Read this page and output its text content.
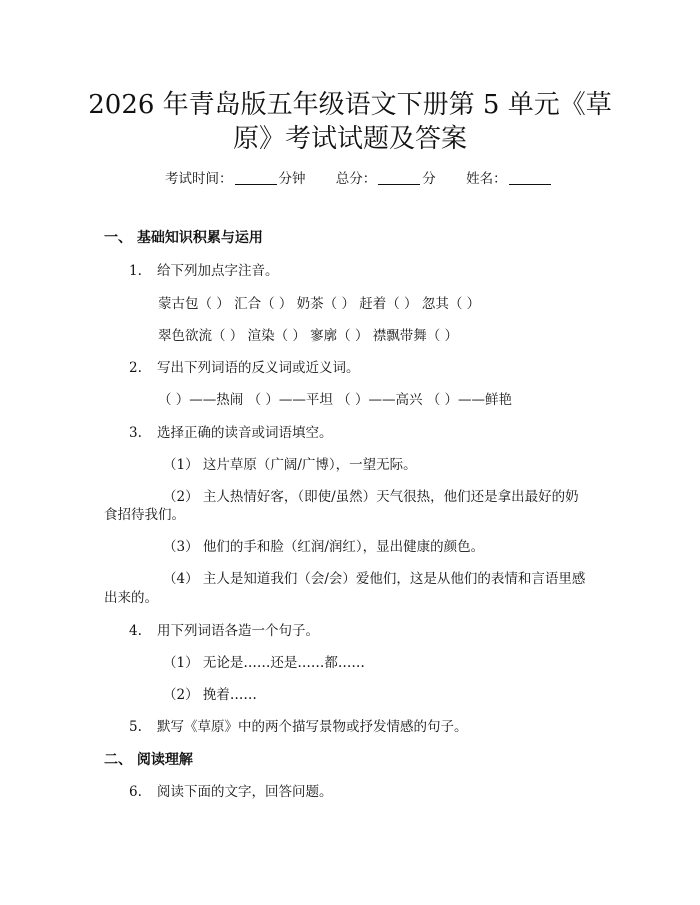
2026 年青岛版五年级语文下册第 5 单元《草
原》考试试题及答案
考试时间：	分钟 总分：	分 姓名：
一、 基础知识积累与运用
1. 给下列加点字注音。
蒙古包（ ） 汇合（ ） 奶茶（ ） 赶着（ ） 忽其（ ）
翠色欲流（ ） 渲染（ ） 寥廓（ ） 襟飘带舞（ ）
2. 写出下列词语的反义词或近义词。
（ ）——热闹 （ ）——平坦 （ ）——高兴 （ ）——鲜艳
3. 选择正确的读音或词语填空。
（1） 这片草原（广阔/广博），一望无际。
（2） 主人热情好客，（即使/虽然）天气很热，他们还是拿出最好的奶
食招待我们。
（3） 他们的手和脸（红润/润红），显出健康的颜色。
（4） 主人是知道我们（会/会）爱他们，这是从他们的表情和言语里感
出来的。
4. 用下列词语各造一个句子。
（1） 无论是……还是……都……
（2） 挽着……
5. 默写《草原》中的两个描写景物或抒发情感的句子。
二、 阅读理解
6. 阅读下面的文字，回答问题。
